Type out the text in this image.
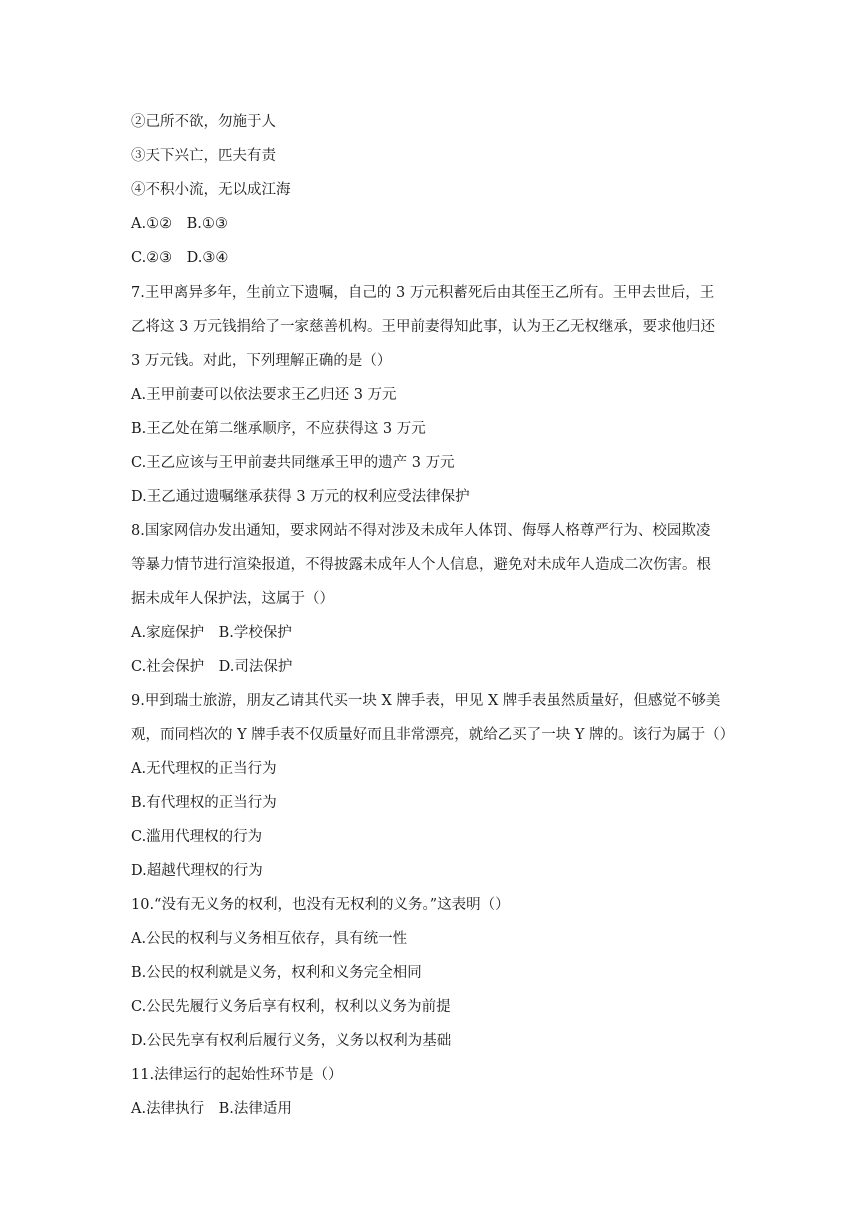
②己所不欲，勿施于人
③天下兴亡，匹夫有责
④不积小流，无以成江海
A.①②　B.①③
C.②③　D.③④
7.王甲离异多年，生前立下遗嘱，自己的 3 万元积蓄死后由其侄王乙所有。王甲去世后，王
乙将这 3 万元钱捐给了一家慈善机构。王甲前妻得知此事，认为王乙无权继承，要求他归还
3 万元钱。对此，下列理解正确的是（）
A.王甲前妻可以依法要求王乙归还 3 万元
B.王乙处在第二继承顺序，不应获得这 3 万元
C.王乙应该与王甲前妻共同继承王甲的遗产 3 万元
D.王乙通过遗嘱继承获得 3 万元的权利应受法律保护
8.国家网信办发出通知，要求网站不得对涉及未成年人体罚、侮辱人格尊严行为、校园欺凌
等暴力情节进行渲染报道，不得披露未成年人个人信息，避免对未成年人造成二次伤害。根
据未成年人保护法，这属于（）
A.家庭保护　B.学校保护
C.社会保护　D.司法保护
9.甲到瑞士旅游，朋友乙请其代买一块 X 牌手表，甲见 X 牌手表虽然质量好，但感觉不够美
观，而同档次的 Y 牌手表不仅质量好而且非常漂亮，就给乙买了一块 Y 牌的。该行为属于（）
A.无代理权的正当行为
B.有代理权的正当行为
C.滥用代理权的行为
D.超越代理权的行为
10.“没有无义务的权利，也没有无权利的义务。”这表明（）
A.公民的权利与义务相互依存，具有统一性
B.公民的权利就是义务，权利和义务完全相同
C.公民先履行义务后享有权利，权利以义务为前提
D.公民先享有权利后履行义务，义务以权利为基础
11.法律运行的起始性环节是（）
A.法律执行　B.法律适用
